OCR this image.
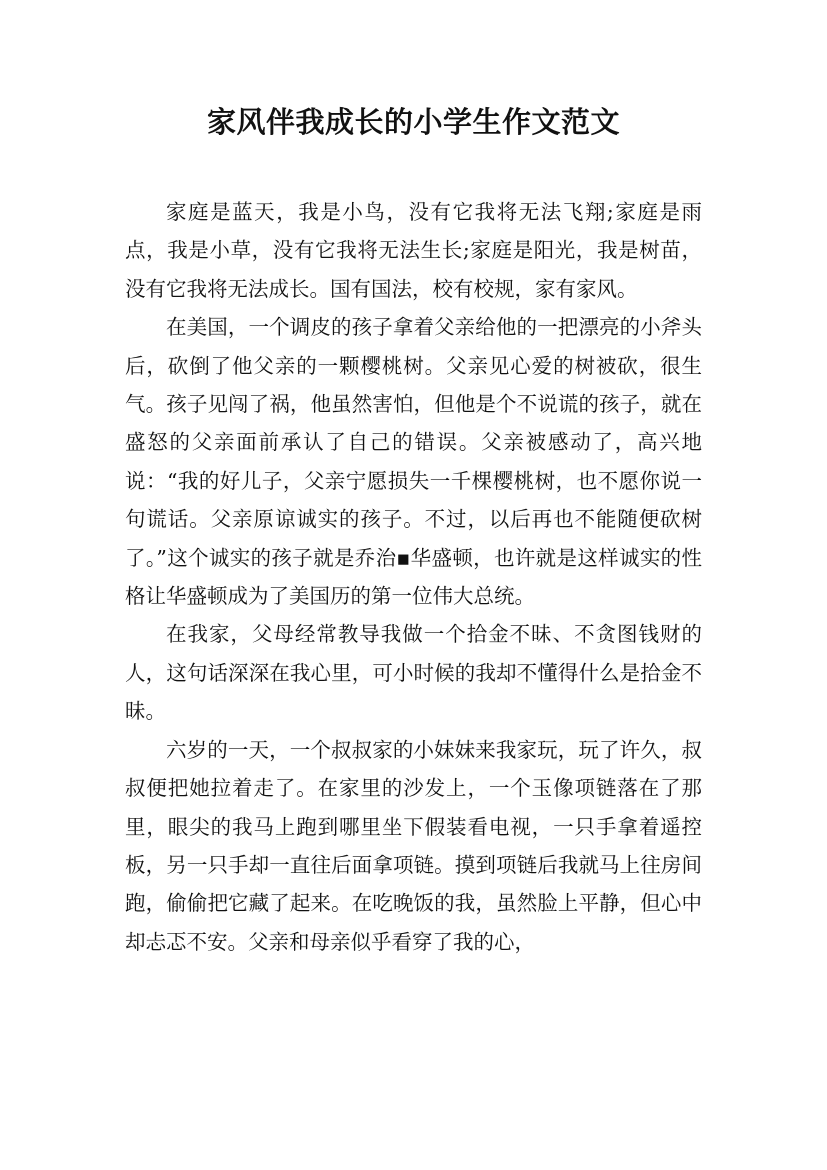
家风伴我成长的小学生作文范文

家庭是蓝天，我是小鸟，没有它我将无法飞翔;家庭是雨点，我是小草，没有它我将无法生长;家庭是阳光，我是树苗，没有它我将无法成长。国有国法，校有校规，家有家风。

在美国，一个调皮的孩子拿着父亲给他的一把漂亮的小斧头后，砍倒了他父亲的一颗樱桃树。父亲见心爱的树被砍，很生气。孩子见闯了祸，他虽然害怕，但他是个不说谎的孩子，就在盛怒的父亲面前承认了自己的错误。父亲被感动了，高兴地说：“我的好儿子，父亲宁愿损失一千棵樱桃树，也不愿你说一句谎话。父亲原谅诚实的孩子。不过，以后再也不能随便砍树了。”这个诚实的孩子就是乔治▪华盛顿，也许就是这样诚实的性格让华盛顿成为了美国历的第一位伟大总统。

在我家，父母经常教导我做一个拾金不昧、不贪图钱财的人，这句话深深在我心里，可小时候的我却不懂得什么是拾金不昧。

六岁的一天，一个叔叔家的小妹妹来我家玩，玩了许久，叔叔便把她拉着走了。在家里的沙发上，一个玉像项链落在了那里，眼尖的我马上跑到哪里坐下假装看电视，一只手拿着遥控板，另一只手却一直往后面拿项链。摸到项链后我就马上往房间跑，偷偷把它藏了起来。在吃晚饭的我，虽然脸上平静，但心中却忐忑不安。父亲和母亲似乎看穿了我的心，
